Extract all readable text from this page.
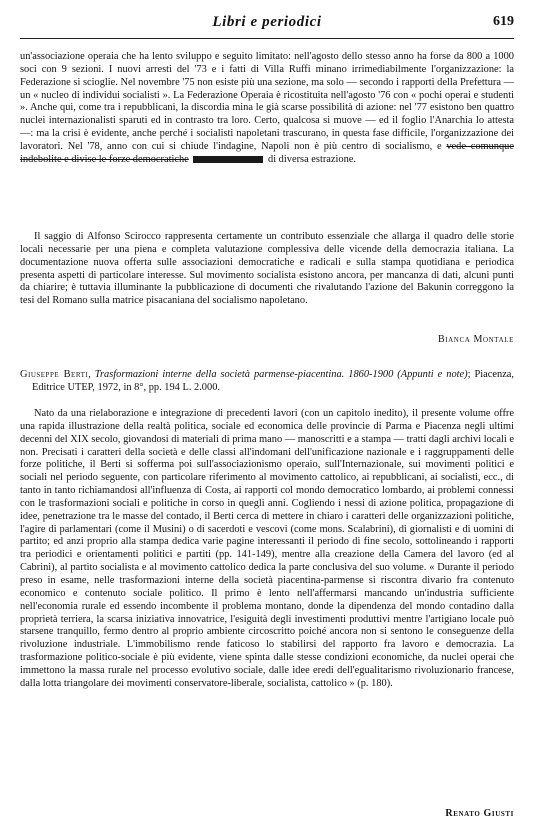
Libri e periodici	619

un'associazione operaia che ha lento sviluppo e seguito limitato: nell'agosto dello stesso anno ha forse da 800 a 1000 soci con 9 sezioni. I nuovi arresti del '73 e i fatti di Villa Ruffi minano irrimediabilmente l'organizzazione: la Federazione si scioglie. Nel novembre '75 non esiste più una sezione, ma solo — secondo i rapporti della Prefettura — un « nucleo di individui socialisti ». La Federazione Operaia è ricostituita nell'agosto '76 con « pochi operai e studenti ». Anche qui, come tra i repubblicani, la discordia mina le già scarse possibilità di azione: nel '77 esistono ben quattro nuclei internazionalisti sparuti ed in contrasto tra loro. Certo, qualcosa si muove — ed il foglio l'Anarchia lo attesta —: ma la crisi è evidente, anche perché i socialisti napoletani trascurano, in questa fase difficile, l'organizzazione dei lavoratori. Nel '78, anno con cui si chiude l'indagine, Napoli non è più centro di socialismo, e vede comunque indebolite e divise le forze democratiche	di diversa estrazione.

Il saggio di Alfonso Scirocco rappresenta certamente un contributo essenziale che allarga il quadro delle storie locali necessarie per una piena e completa valutazione complessiva delle vicende della democrazia italiana. La documentazione nuova offerta sulle associazioni democratiche e radicali e sulla stampa quotidiana e periodica presenta aspetti di particolare interesse. Sul movimento socialista esistono ancora, per mancanza di dati, alcuni punti da chiarire; è tuttavia illuminante la pubblicazione di documenti che rivalutando l'azione del Bakunin correggono la tesi del Romano sulla matrice pisacaniana del socialismo napoletano.

Bianca Montale
Giuseppe Berti, Trasformazioni interne della società parmense-piacentina. 1860-1900 (Appunti e note); Piacenza, Editrice UTEP, 1972, in 8°, pp. 194 L. 2.000.

Nato da una rielaborazione e integrazione di precedenti lavori (con un capitolo inedito), il presente volume offre una rapida illustrazione della realtà politica, sociale ed economica delle provincie di Parma e Piacenza negli ultimi decenni del XIX secolo, giovandosi di materiali di prima mano — manoscritti e a stampa — tratti dagli archivi locali e non. Precisati i caratteri della società e delle classi all'indomani dell'unificazione nazionale e i raggruppamenti delle forze politiche, il Berti si sofferma poi sull'associazionismo operaio, sull'Internazionale, sui movimenti politici e sociali nel periodo seguente, con particolare riferimento al movimento cattolico, ai repubblicani, ai socialisti, ecc., di tanto in tanto richiamandosi all'influenza di Costa, ai rapporti col mondo democratico lombardo, ai problemi connessi con le trasformazioni sociali e politiche in corso in quegli anni. Cogliendo i nessi di azione politica, propagazione di idee, penetrazione tra le masse del contado, il Berti cerca di mettere in chiaro i caratteri delle organizzazioni politiche, l'agire di parlamentari (come il Musini) o di sacerdoti e vescovi (come mons. Scalabrini), di giornalisti e di uomini di partito; ed anzi proprio alla stampa dedica varie pagine interessanti il periodo di fine secolo, sottolineando i rapporti tra periodici e orientamenti politici e partiti (pp. 141-149), mentre alla creazione della Camera del lavoro (ed al Cabrini), al partito socialista e al movimento cattolico dedica la parte conclusiva del suo volume. « Durante il periodo preso in esame, nelle trasformazioni interne della società piacentina-parmense si riscontra divario fra contenuto economico e contenuto sociale politico. Il primo è lento nell'affermarsi mancando un'industria sufficiente nell'economia rurale ed essendo incombente il problema montano, donde la dipendenza del mondo contadino dalla proprietà terriera, la scarsa iniziativa innovatrice, l'esiguità degli investimenti produttivi mentre l'artigiano locale può starsene tranquillo, fermo dentro al proprio ambiente circoscritto poiché ancora non si sentono le conseguenze della rivoluzione industriale. L'immobilismo rende faticoso lo stabilirsi del rapporto fra lavoro e democrazia. La trasformazione politico-sociale è più evidente, viene spinta dalle stesse condizioni economiche, da nuclei operai che immettono la massa rurale nel processo evolutivo sociale, dalle idee eredi dell'egualitarismo rivoluzionario francese, dalla lotta triangolare dei movimenti conservatore-liberale, socialista, cattolico » (p. 180).

Renato Giusti
